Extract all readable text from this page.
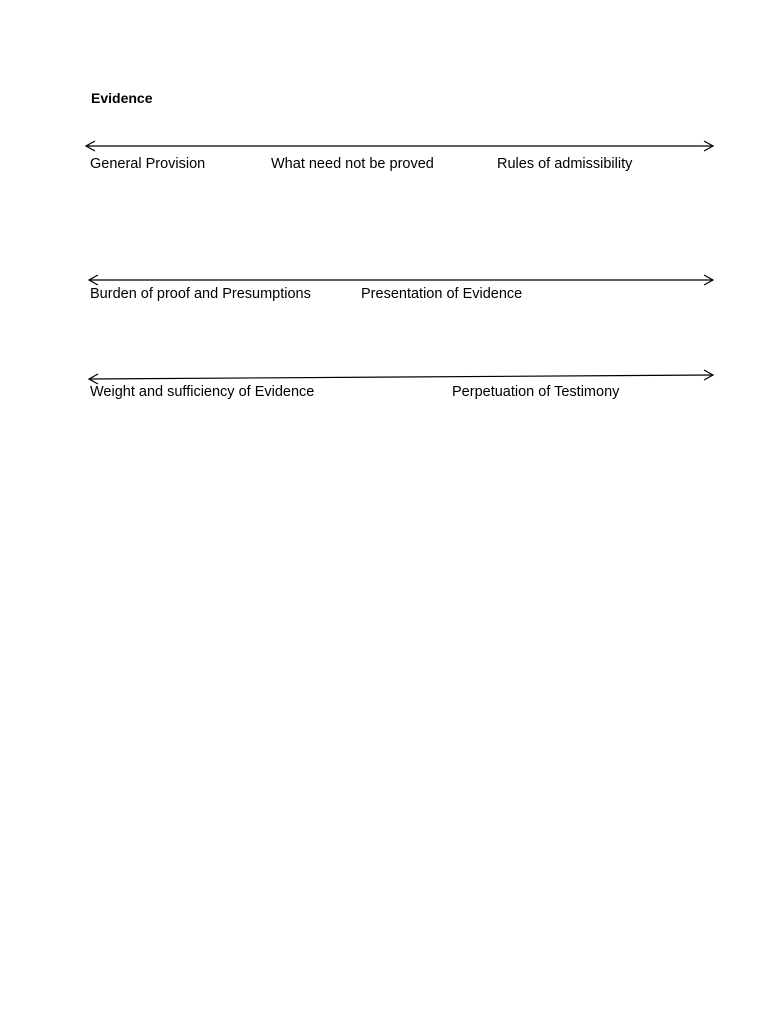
Evidence
General Provision	What need not be proved	Rules of admissibility
Burden of proof and Presumptions	Presentation of Evidence
Weight and sufficiency of Evidence	Perpetuation of Testimony
